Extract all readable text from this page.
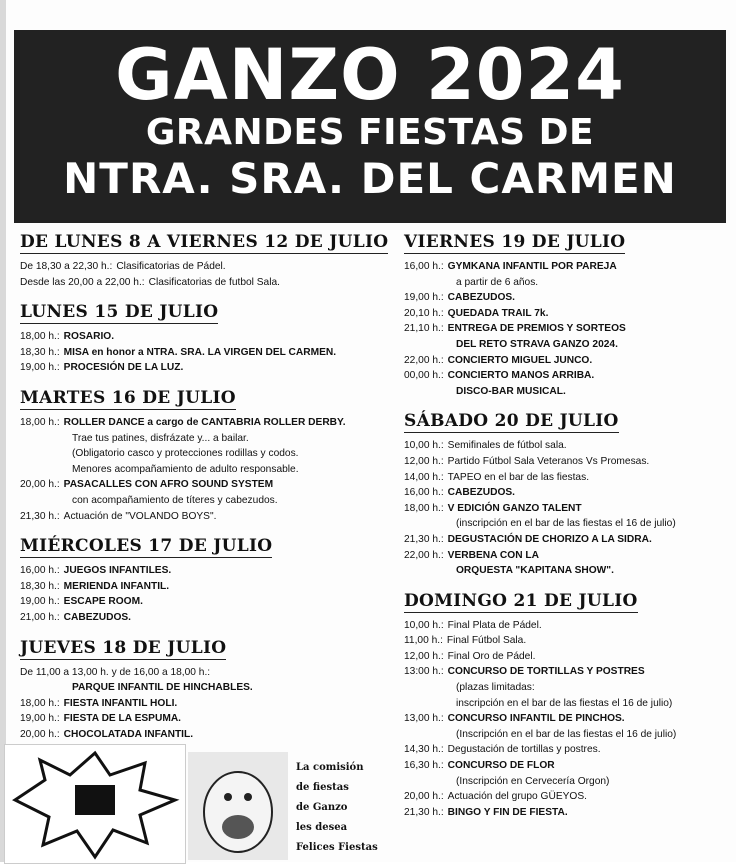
GANZO 2024
GRANDES FIESTAS DE
NTRA. SRA. DEL CARMEN
DE LUNES 8 A VIERNES 12 DE JULIO
De 18,30 a 22,30 h.: Clasificatorias de Pádel.
Desde las 20,00 a 22,00 h.: Clasificatorias de futbol Sala.
LUNES 15 DE JULIO
18,00 h.: ROSARIO.
18,30 h.: MISA en honor a NTRA. SRA. LA VIRGEN DEL CARMEN.
19,00 h.: PROCESIÓN DE LA LUZ.
MARTES 16 DE JULIO
18,00 h.: ROLLER DANCE a cargo de CANTABRIA ROLLER DERBY.
Trae tus patines, disfrázate y... a bailar.
(Obligatorio casco y protecciones rodillas y codos.
Menores acompañamiento de adulto responsable.
20,00 h.: PASACALLES CON AFRO SOUND SYSTEM
con acompañamiento de títeres y cabezudos.
21,30 h.: Actuación de "VOLANDO BOYS".
MIÉRCOLES 17 DE JULIO
16,00 h.: JUEGOS INFANTILES.
18,30 h.: MERIENDA INFANTIL.
19,00 h.: ESCAPE ROOM.
21,00 h.: CABEZUDOS.
JUEVES 18 DE JULIO
De 11,00 a 13,00 h. y de 16,00 a 18,00 h.:
PARQUE INFANTIL DE HINCHABLES.
18,00 h.: FIESTA INFANTIL HOLI.
19,00 h.: FIESTA DE LA ESPUMA.
20,00 h.: CHOCOLATADA INFANTIL.
VIERNES 19 DE JULIO
16,00 h.: GYMKANA INFANTIL POR PAREJA
a partir de 6 años.
19,00 h.: CABEZUDOS.
20,10 h.: QUEDADA TRAIL 7k.
21,10 h.: ENTREGA DE PREMIOS Y SORTEOS
DEL RETO STRAVA GANZO 2024.
22,00 h.: CONCIERTO MIGUEL JUNCO.
00,00 h.: CONCIERTO MANOS ARRIBA.
DISCO-BAR MUSICAL.
SÁBADO 20 DE JULIO
10,00 h.: Semifinales de fútbol sala.
12,00 h.: Partido Fútbol Sala Veteranos Vs Promesas.
14,00 h.: TAPEO en el bar de las fiestas.
16,00 h.: CABEZUDOS.
18,00 h.: V EDICIÓN GANZO TALENT
(inscripción en el bar de las fiestas el 16 de julio)
21,30 h.: DEGUSTACIÓN DE CHORIZO A LA SIDRA.
22,00 h.: VERBENA CON LA
ORQUESTA "KAPITANA SHOW".
DOMINGO 21 DE JULIO
10,00 h.: Final Plata de Pádel.
11,00 h.: Final Fútbol Sala.
12,00 h.: Final Oro de Pádel.
13:00 h.: CONCURSO DE TORTILLAS Y POSTRES
(plazas limitadas:
inscripción en el bar de las fiestas el 16 de julio)
13,00 h.: CONCURSO INFANTIL DE PINCHOS.
(Inscripción en el bar de las fiestas el 16 de julio)
14,30 h.: Degustación de tortillas y postres.
16,30 h.: CONCURSO DE FLOR
(Inscripción en Cervecería Orgon)
20,00 h.: Actuación del grupo GÜEYOS.
21,30 h.: BINGO Y FIN DE FIESTA.
La comisión
de fiestas
de Ganzo
les desea
Felices Fiestas
